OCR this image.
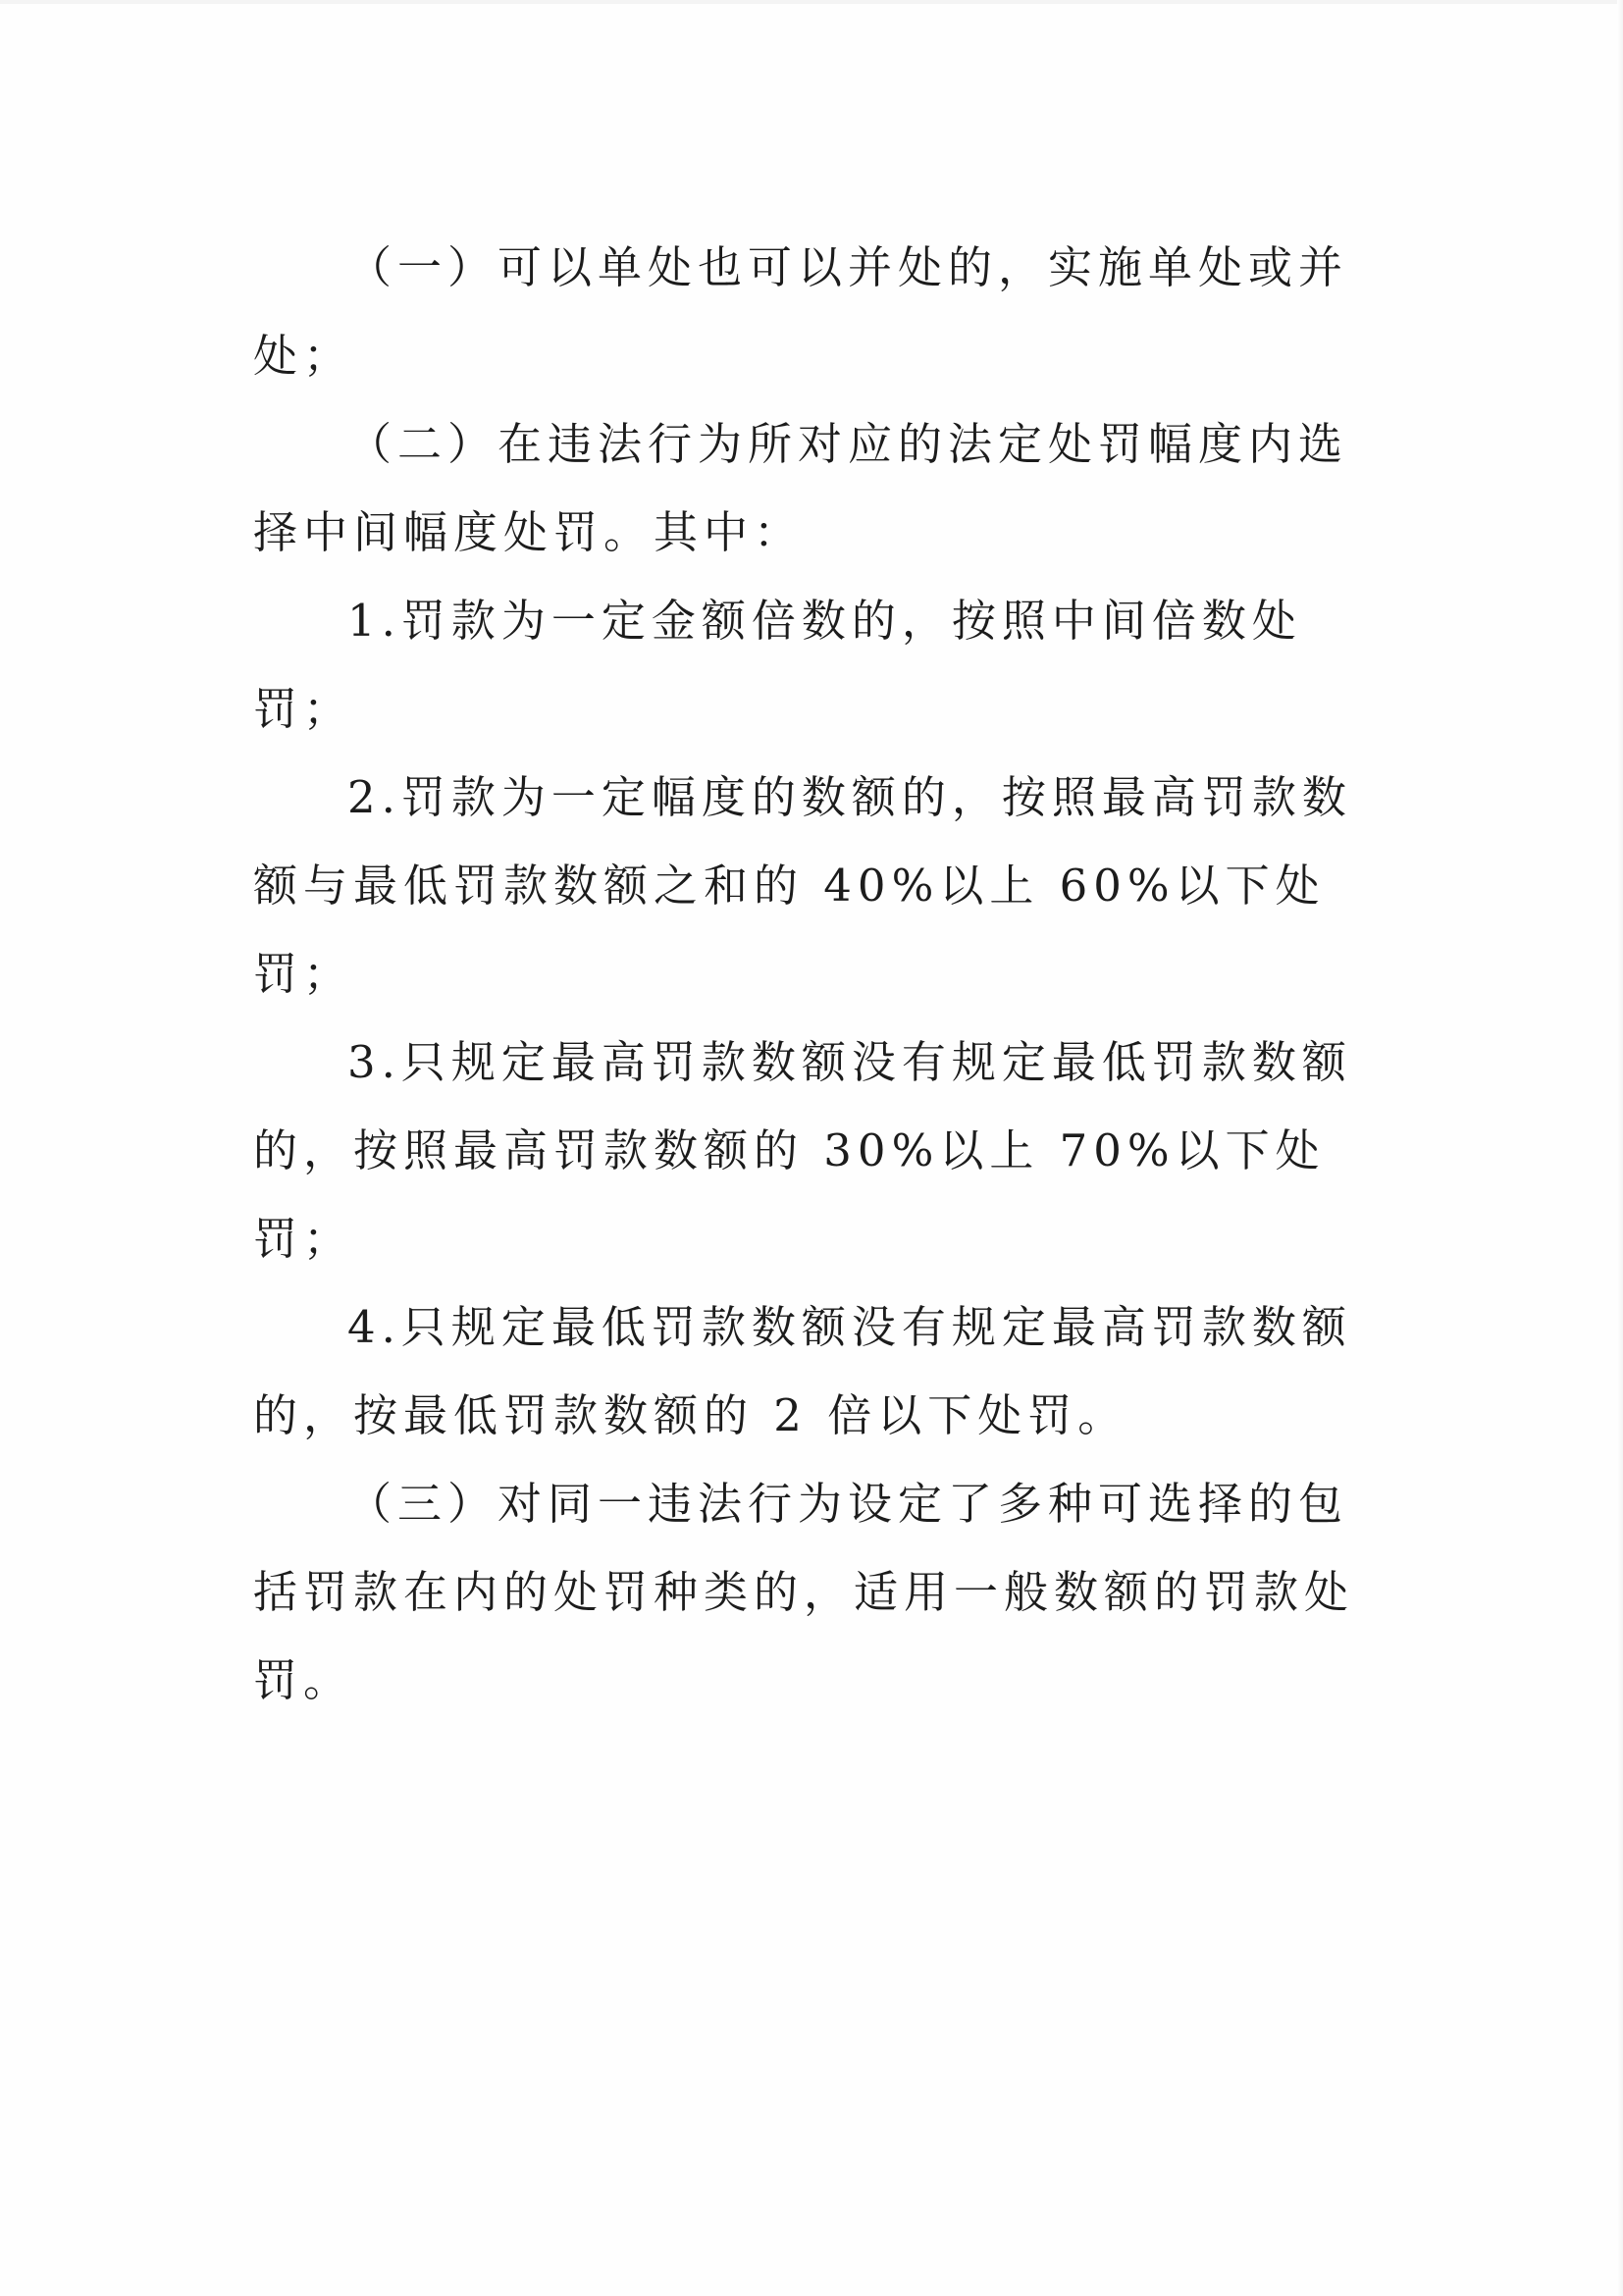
（一）可以单处也可以并处的，实施单处或并处；

（二）在违法行为所对应的法定处罚幅度内选择中间幅度处罚。其中：

1.罚款为一定金额倍数的，按照中间倍数处罚；

2.罚款为一定幅度的数额的，按照最高罚款数额与最低罚款数额之和的 40%以上 60%以下处罚；

3.只规定最高罚款数额没有规定最低罚款数额的，按照最高罚款数额的 30%以上 70%以下处罚；

4.只规定最低罚款数额没有规定最高罚款数额的，按最低罚款数额的 2 倍以下处罚。

（三）对同一违法行为设定了多种可选择的包括罚款在内的处罚种类的，适用一般数额的罚款处罚。
